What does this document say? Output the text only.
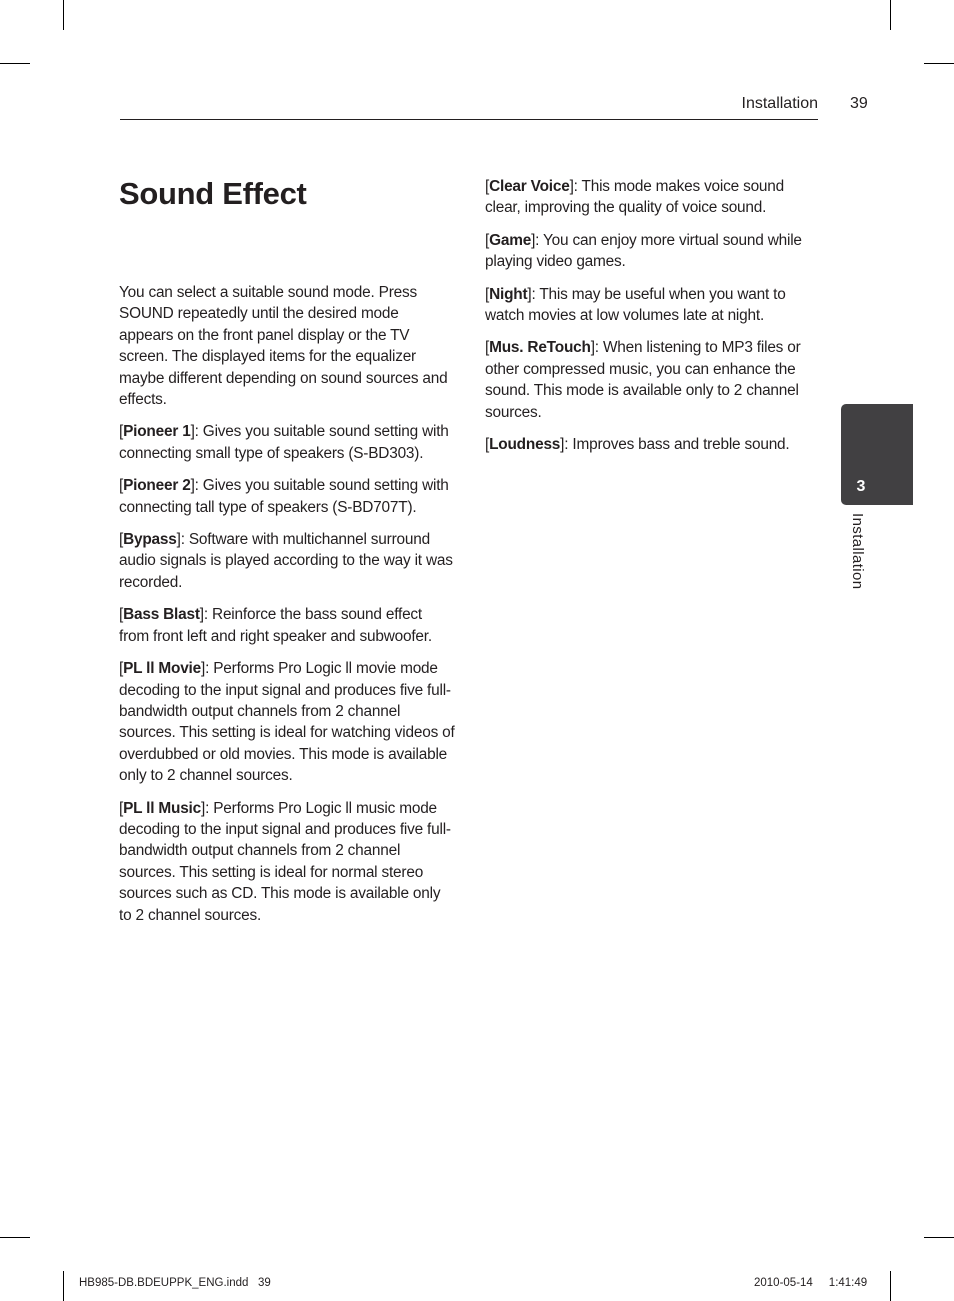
Installation 39
Sound Effect

You can select a suitable sound mode. Press SOUND repeatedly until the desired mode appears on the front panel display or the TV screen. The displayed items for the equalizer maybe different depending on sound sources and effects.

[Pioneer 1]: Gives you suitable sound setting with connecting small type of speakers (S-BD303).

[Pioneer 2]: Gives you suitable sound setting with connecting tall type of speakers (S-BD707T).

[Bypass]: Software with multichannel surround audio signals is played according to the way it was recorded.

[Bass Blast]: Reinforce the bass sound effect from front left and right speaker and subwoofer.

[PL ll Movie]: Performs Pro Logic ll movie mode decoding to the input signal and produces five full-bandwidth output channels from 2 channel sources. This setting is ideal for watching videos of overdubbed or old movies. This mode is available only to 2 channel sources.

[PL ll Music]: Performs Pro Logic ll music mode decoding to the input signal and produces five full-bandwidth output channels from 2 channel sources. This setting is ideal for normal stereo sources such as CD. This mode is available only to 2 channel sources.

[Clear Voice]: This mode makes voice sound clear, improving the quality of voice sound.

[Game]: You can enjoy more virtual sound while playing video games.

[Night]: This may be useful when you want to watch movies at low volumes late at night.

[Mus. ReTouch]: When listening to MP3 files or other compressed music, you can enhance the sound. This mode is available only to 2 channel sources.

[Loudness]: Improves bass and treble sound.

3
Installation
HB985-DB.BDEUPPK_ENG.indd   39	2010-05-14     1:41:49
